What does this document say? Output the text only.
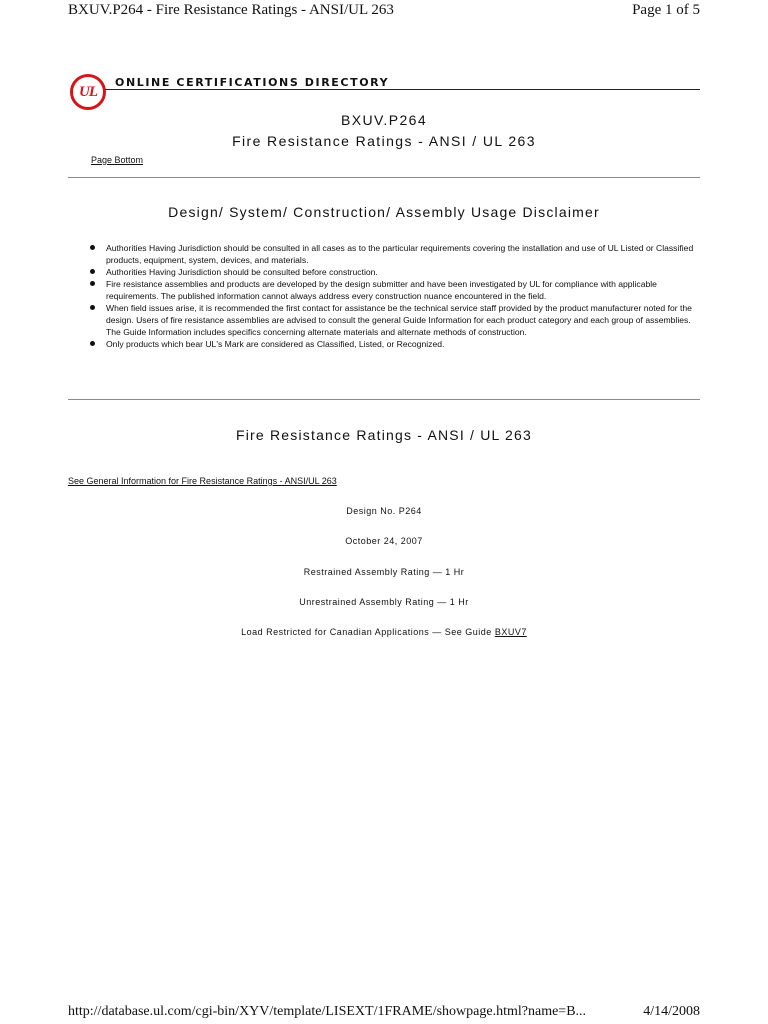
BXUV.P264 - Fire Resistance Ratings - ANSI/UL 263	Page 1 of 5
UL
ONLINE CERTIFICATIONS DIRECTORY
BXUV.P264
Fire Resistance Ratings - ANSI / UL 263
Page Bottom
Design/ System/ Construction/ Assembly Usage Disclaimer
Authorities Having Jurisdiction should be consulted in all cases as to the particular requirements covering the installation and use of UL Listed or Classified products, equipment, system, devices, and materials.
Authorities Having Jurisdiction should be consulted before construction.
Fire resistance assemblies and products are developed by the design submitter and have been investigated by UL for compliance with applicable requirements. The published information cannot always address every construction nuance encountered in the field.
When field issues arise, it is recommended the first contact for assistance be the technical service staff provided by the product manufacturer noted for the design. Users of fire resistance assemblies are advised to consult the general Guide Information for each product category and each group of assemblies. The Guide Information includes specifics concerning alternate materials and alternate methods of construction.
Only products which bear UL's Mark are considered as Classified, Listed, or Recognized.
Fire Resistance Ratings - ANSI / UL 263
See General Information for Fire Resistance Ratings - ANSI/UL 263
Design No. P264
October 24, 2007
Restrained Assembly Rating — 1 Hr
Unrestrained Assembly Rating — 1 Hr
Load Restricted for Canadian Applications — See Guide BXUV7
http://database.ul.com/cgi-bin/XYV/template/LISEXT/1FRAME/showpage.html?name=B...	4/14/2008
